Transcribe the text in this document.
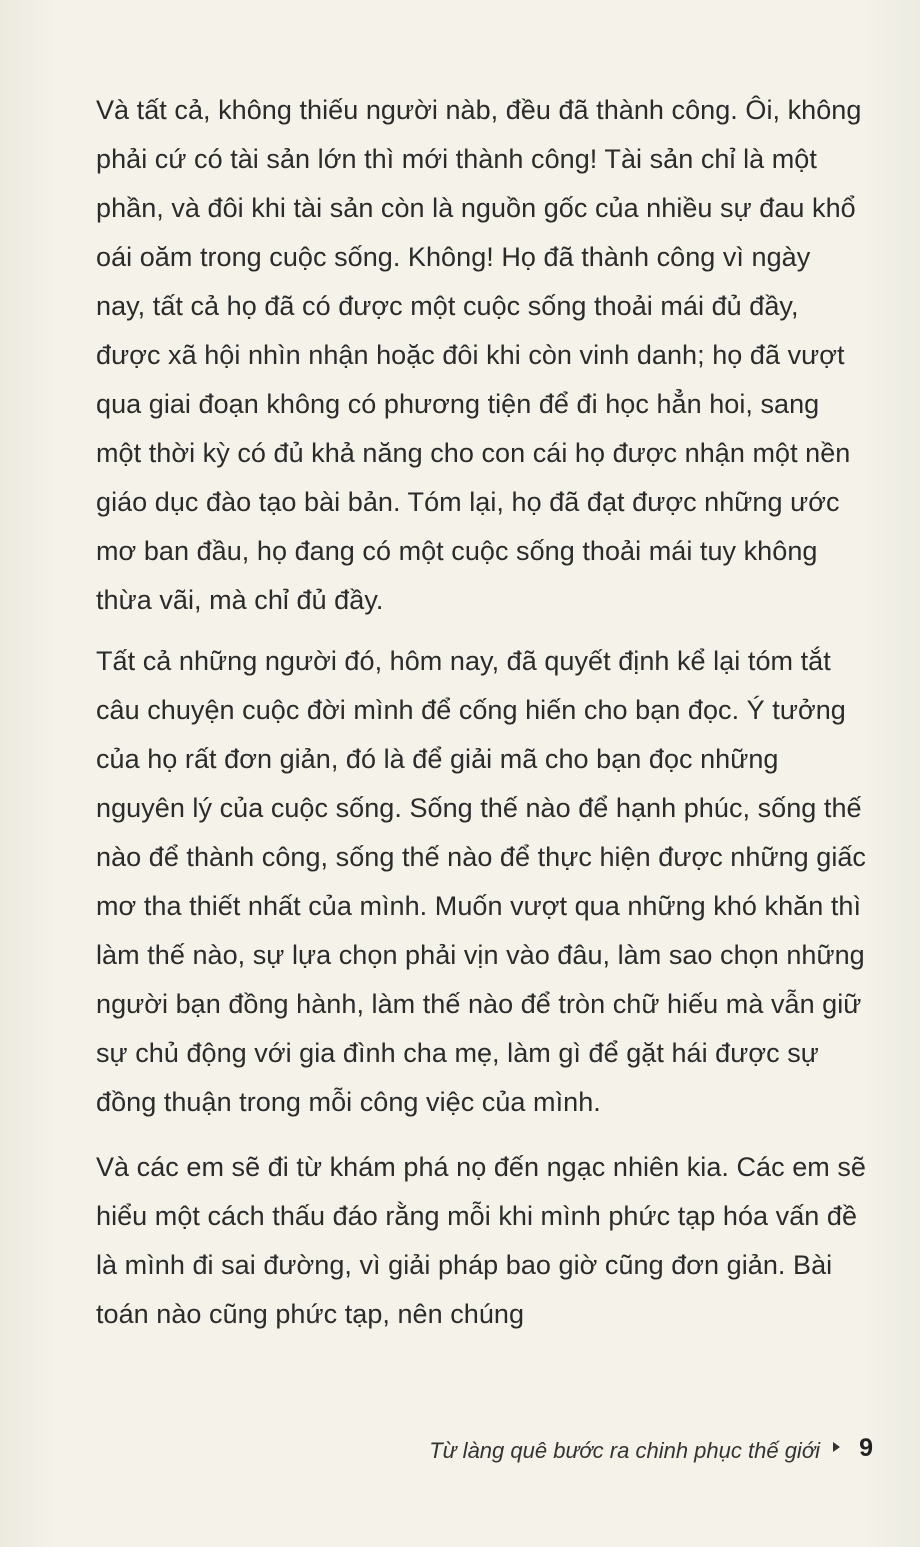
Và tất cả, không thiếu người nàb, đều đã thành công. Ôi, không phải cứ có tài sản lớn thì mới thành công! Tài sản chỉ là một phần, và đôi khi tài sản còn là nguồn gốc của nhiều sự đau khổ oái oăm trong cuộc sống. Không! Họ đã thành công vì ngày nay, tất cả họ đã có được một cuộc sống thoải mái đủ đầy, được xã hội nhìn nhận hoặc đôi khi còn vinh danh; họ đã vượt qua giai đoạn không có phương tiện để đi học hẳn hoi, sang một thời kỳ có đủ khả năng cho con cái họ được nhận một nền giáo dục đào tạo bài bản. Tóm lại, họ đã đạt được những ước mơ ban đầu, họ đang có một cuộc sống thoải mái tuy không thừa vãi, mà chỉ đủ đầy.

Tất cả những người đó, hôm nay, đã quyết định kể lại tóm tắt câu chuyện cuộc đời mình để cống hiến cho bạn đọc. Ý tưởng của họ rất đơn giản, đó là để giải mã cho bạn đọc những nguyên lý của cuộc sống. Sống thế nào để hạnh phúc, sống thế nào để thành công, sống thế nào để thực hiện được những giấc mơ tha thiết nhất của mình. Muốn vượt qua những khó khăn thì làm thế nào, sự lựa chọn phải vịn vào đâu, làm sao chọn những người bạn đồng hành, làm thế nào để tròn chữ hiếu mà vẫn giữ sự chủ động với gia đình cha mẹ, làm gì để gặt hái được sự đồng thuận trong mỗi công việc của mình.

Và các em sẽ đi từ khám phá nọ đến ngạc nhiên kia. Các em sẽ hiểu một cách thấu đáo rằng mỗi khi mình phức tạp hóa vấn đề là mình đi sai đường, vì giải pháp bao giờ cũng đơn giản. Bài toán nào cũng phức tạp, nên chúng

Từ làng quê bước ra chinh phục thế giới 9
